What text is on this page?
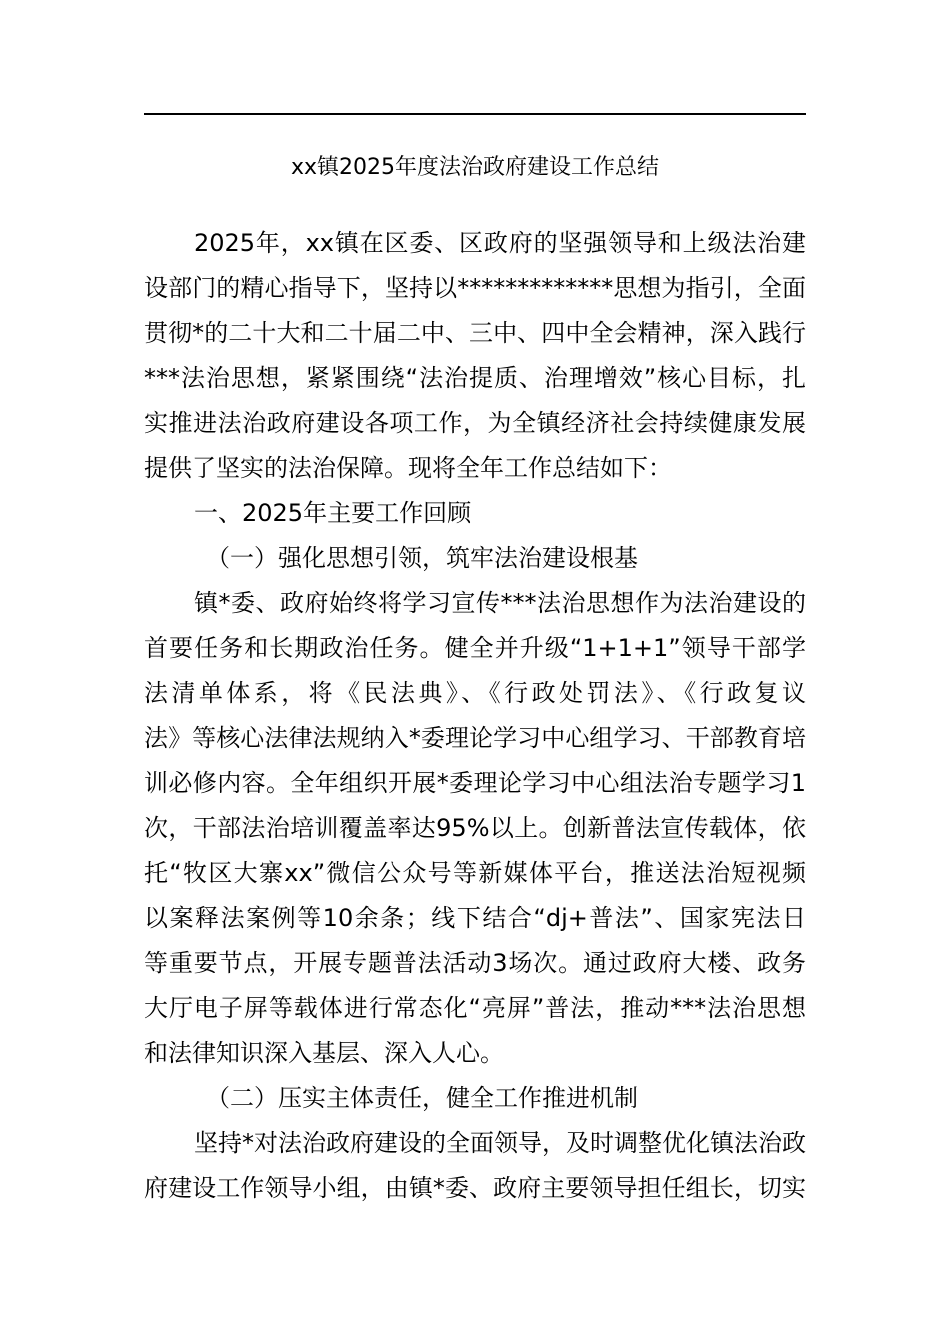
xx镇2025年度法治政府建设工作总结
2025年，xx镇在区委、区政府的坚强领导和上级法治建
设部门的精心指导下，坚持以*************思想为指引，全面
贯彻*的二十大和二十届二中、三中、四中全会精神，深入践行
***法治思想，紧紧围绕“法治提质、治理增效”核心目标，扎
实推进法治政府建设各项工作，为全镇经济社会持续健康发展
提供了坚实的法治保障。现将全年工作总结如下：
一、2025年主要工作回顾
（一）强化思想引领，筑牢法治建设根基
镇*委、政府始终将学习宣传***法治思想作为法治建设的
首要任务和长期政治任务。健全并升级“1+1+1”领导干部学
法清单体系，将《民法典》、《行政处罚法》、《行政复议
法》等核心法律法规纳入*委理论学习中心组学习、干部教育培
训必修内容。全年组织开展*委理论学习中心组法治专题学习1
次，干部法治培训覆盖率达95%以上。创新普法宣传载体，依
托“牧区大寨xx”微信公众号等新媒体平台，推送法治短视频
以案释法案例等10余条；线下结合“dj+普法”、国家宪法日
等重要节点，开展专题普法活动3场次。通过政府大楼、政务
大厅电子屏等载体进行常态化“亮屏”普法，推动***法治思想
和法律知识深入基层、深入人心。
（二）压实主体责任，健全工作推进机制
坚持*对法治政府建设的全面领导，及时调整优化镇法治政
府建设工作领导小组，由镇*委、政府主要领导担任组长，切实
